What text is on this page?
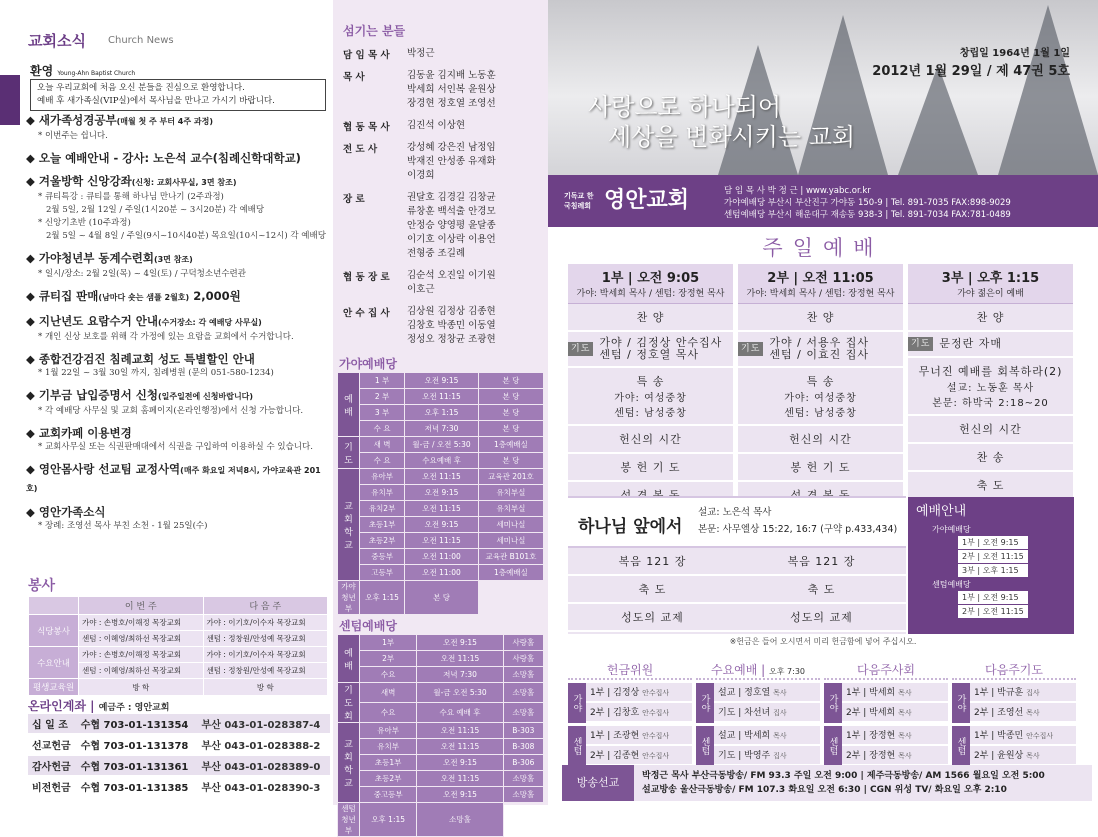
교회소식 Church News
환영 Young-Ahn Baptist Church
오늘 우리교회에 처음 오신 분들을 진심으로 환영합니다.
예배 후 새가족실(VIP실)에서 목사님을 만나고 가시기 바랍니다.
◆ 새가족성경공부(매월 첫 주 부터 4주 과정)
* 이번주는 쉽니다.
◆ 오늘 예배안내 - 강사: 노은석 교수(침례신학대학교)
◆ 겨울방학 신앙강좌(신청: 교회사무실, 3면 참조)
* 큐티특강 : 큐티를 통해 하나님 만나기 (2주과정)
2월 5일, 2월 12일 / 주일(1시20분 ~ 3시20분) 각 예배당
* 신앙기초반 (10주과정)
2월 5일 ~ 4월 8일 / 주일(9시~10시40분) 목요일(10시~12시) 각 예배당
◆ 가야청년부 동계수련회(3면 참조)
* 일시/장소: 2월 2일(목) ~ 4일(토) / 구덕청소년수련관
◆ 큐티집 판매(남마다 숏는 샘플 2월호) 2,000원
◆ 지난년도 요람수거 안내(수거장소: 각 예배당 사무실)
* 개인 신상 보호를 위해 각 가정에 있는 요람을 교회에서 수거합니다.
◆ 종합건강검진 침례교회 성도 특별할인 안내
* 1월 22일 ~ 3월 30일 까지, 침례병원 (문의 051-580-1234)
◆ 기부금 납입증명서 신청(일주일전에 신청바랍니다)
* 각 예배당 사무실 및 교회 홈페이지(온라인행정)에서 신청 가능합니다.
◆ 교회카페 이용변경
* 교회사무실 또는 식권판매대에서 식권을 구입하여 이용하실 수 있습니다.
◆ 영안몸사랑 선교팀 교정사역(매주 화요일 저녁8시, 가야교육관 201호)
◆ 영안가족소식
* 장례: 조영선 목사 부친 소천 - 1월 25일(수)
봉사
	이 번 주	다 음 주
식당봉사	가야 : 손병호/이해정 목장교회	가야 : 이기호/이수자 목장교회
	센텀 : 이혜영/최하선 목장교회	센텀 : 정창원/안성예 목장교회
수요안내	가야 : 손병호/이해정 목장교회	가야 : 이기호/이수자 목장교회
	센텀 : 이혜영/최하선 목장교회	센텀 : 정창원/안성예 목장교회
평생교육원	방 학	방 학
온라인계좌 | 예금주 : 영안교회
십 일 조	수협 703-01-131354	부산 043-01-028387-4
선교헌금	수협 703-01-131378	부산 043-01-028388-2
감사헌금	수협 703-01-131361	부산 043-01-028389-0
비전헌금	수협 703-01-131385	부산 043-01-028390-3
섬기는 분들
담 임 목 사	박정근
목 사	김동윤 김지배 노동훈
박세희 서인복 윤원상
장경현 정호열 조영선
협 동 목 사	김진석 이상현
전 도 사	강성혜 강은진 남정임
박재진 안성종 유재화
이경희
장 로	권달호 김경길 김창균
류창훈 백석출 안경모
안정승 양영평 윤달종
이기호 이상락 이용언
전형중 조길례
협 동 장 로	김순석 오진일 이기원
이호근
안 수 집 사	김상원 김정상 김종현
김창호 박종민 이동열
정성오 정창균 조광현
가야예배당
예배	1 부	오전 9:15	본 당
	2 부	오전 11:15	본 당
	3 부	오후 1:15	본 당
	수 요	저녁 7:30	본 당
기도	새 벽	월-금 / 오전 5:30	1층예배실
	수 요	수요예배 후	본 당
교회학교	유아부	오전 11:15	교육관 201호
	유치부	오전 9:15	유치부실
	유치2부	오전 11:15	유치부실
	초등1부	오전 9:15	세미나실
	초등2부	오전 11:15	세미나실
	중등부	오전 11:00	교육관 B101호
	고등부	오전 11:00	1층예배실
가야청년부	오후 1:15	본 당	
센텀예배당
예배	1부	오전 9:15	사랑홀
	2부	오전 11:15	사랑홀
	수요	저녁 7:30	소망홀
기도회	새벽	월-금 오전 5:30	소망홀
	수요	수요 예배 후	소망홀
교회학교	유아부	오전 11:15	B-303
	유치부	오전 11:15	B-308
	초등1부	오전 9:15	B-306
	초등2부	오전 11:15	소망홀
	중고등부	오전 9:15	소망홀
센텀청년부	오후 1:15	소망홀	
사랑으로 하나되어
세상을 변화시키는 교회
창립일 1964년 1월 1일
2012년 1월 29일 / 제 47권 5호
기독교 한국침례회 영안교회	담 임 목 사 박 정 근 | www.yabc.or.kr
가야예배당 부산시 부산진구 가야동 150-9 | Tel. 891-7035 FAX:898-9029
센텀예배당 부산시 해운대구 재송동 938-3 | Tel. 891-7034 FAX:781-0489
주일예배
1부 | 오전 9:05
가야: 박세희 목사 / 센텀: 장정현 목사
찬 양
기도 가야 / 김정상 안수집사
센텀 / 정호열 목사
특 송
가야: 여성중창
센텀: 남성중창
헌신의 시간
봉 헌 기 도
2부 | 오전 11:05
가야: 박세희 목사 / 센텀: 장정현 목사
찬 양
기도 가야 / 서용우 집사
센텀 / 이효진 집사
특 송
가야: 여성중창
센텀: 남성중창
헌신의 시간
봉 헌 기 도
3부 | 오후 1:15
가야 젊은이 예배
찬 양
기도 문정란 자매
무너진 예배를 회복하라(2)
설교: 노동훈 목사
본문: 하박국 2:18~20
헌신의 시간
찬 송
축 도
하나님 앞에서
설교: 노은석 목사
본문: 사무엘상 15:22, 16:7 (구약 p.433,434)
복음 121 장	복음 121 장
축 도	축 도
성도의 교제	성도의 교제
예배안내
가야예배당
1부 | 오전 9:15
2부 | 오전 11:15
3부 | 오후 1:15
센텀예배당
1부 | 오전 9:15
2부 | 오전 11:15
※헌금은 들어 오시면서 미리 헌금함에 넣어 주십시오.
헌금위원
가야
1부 | 김정상 안수집사
2부 | 김창호 안수집사
센텀
1부 | 조광현 안수집사
2부 | 김종현 안수집사
수요예배 | 오후 7:30
가야
설교 | 정호열 목사
기도 | 차선녀 집사
센텀
설교 | 박세희 목사
기도 | 박영주 집사
다음주사회
가야
1부 | 박세희 목사
2부 | 박세희 목사
센텀
1부 | 장정현 목사
2부 | 장정현 목사
다음주기도
가야
1부 | 박규훈 집사
2부 | 조영선 목사
센텀
1부 | 박종민 안수집사
2부 | 윤원상 목사
방송선교	박정근 목사 부산극동방송/ FM 93.3 주일 오전 9:00 | 제주극동방송/ AM 1566 월요일 오전 5:00
설교방송 울산극동방송/ FM 107.3 화요일 오전 6:30 | CGN 위성 TV/ 화요일 오후 2:10
